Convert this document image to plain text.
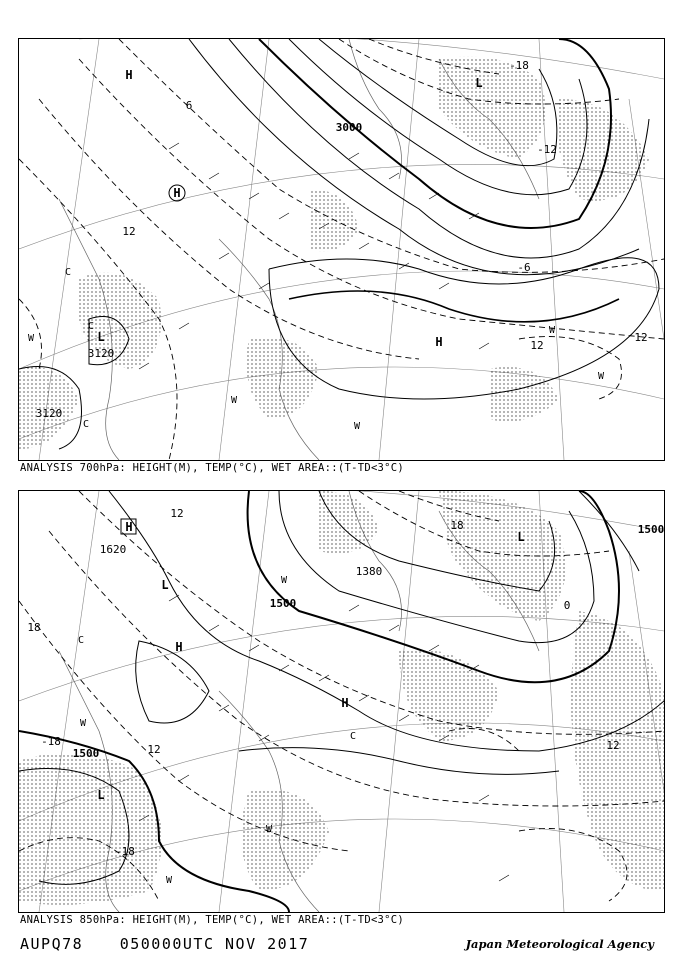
3000
3120
3120
-12
-18
12
12
12
-6
6
H
H
H
L
L
W
W
W
W
W
C
C
C
ANALYSIS 700hPa: HEIGHT(M), TEMP(°C), WET AREA::(T-TD<3°C)
1500
1500
1500
1620
1380
12
12
18
18
-18
-18
12
0
H
H
H
L
L
L
W
W
W
W
C
C
ANALYSIS 850hPa: HEIGHT(M), TEMP(°C), WET AREA::(T-TD<3°C)
AUPQ78 050000UTC NOV 2017	Japan Meteorological Agency
